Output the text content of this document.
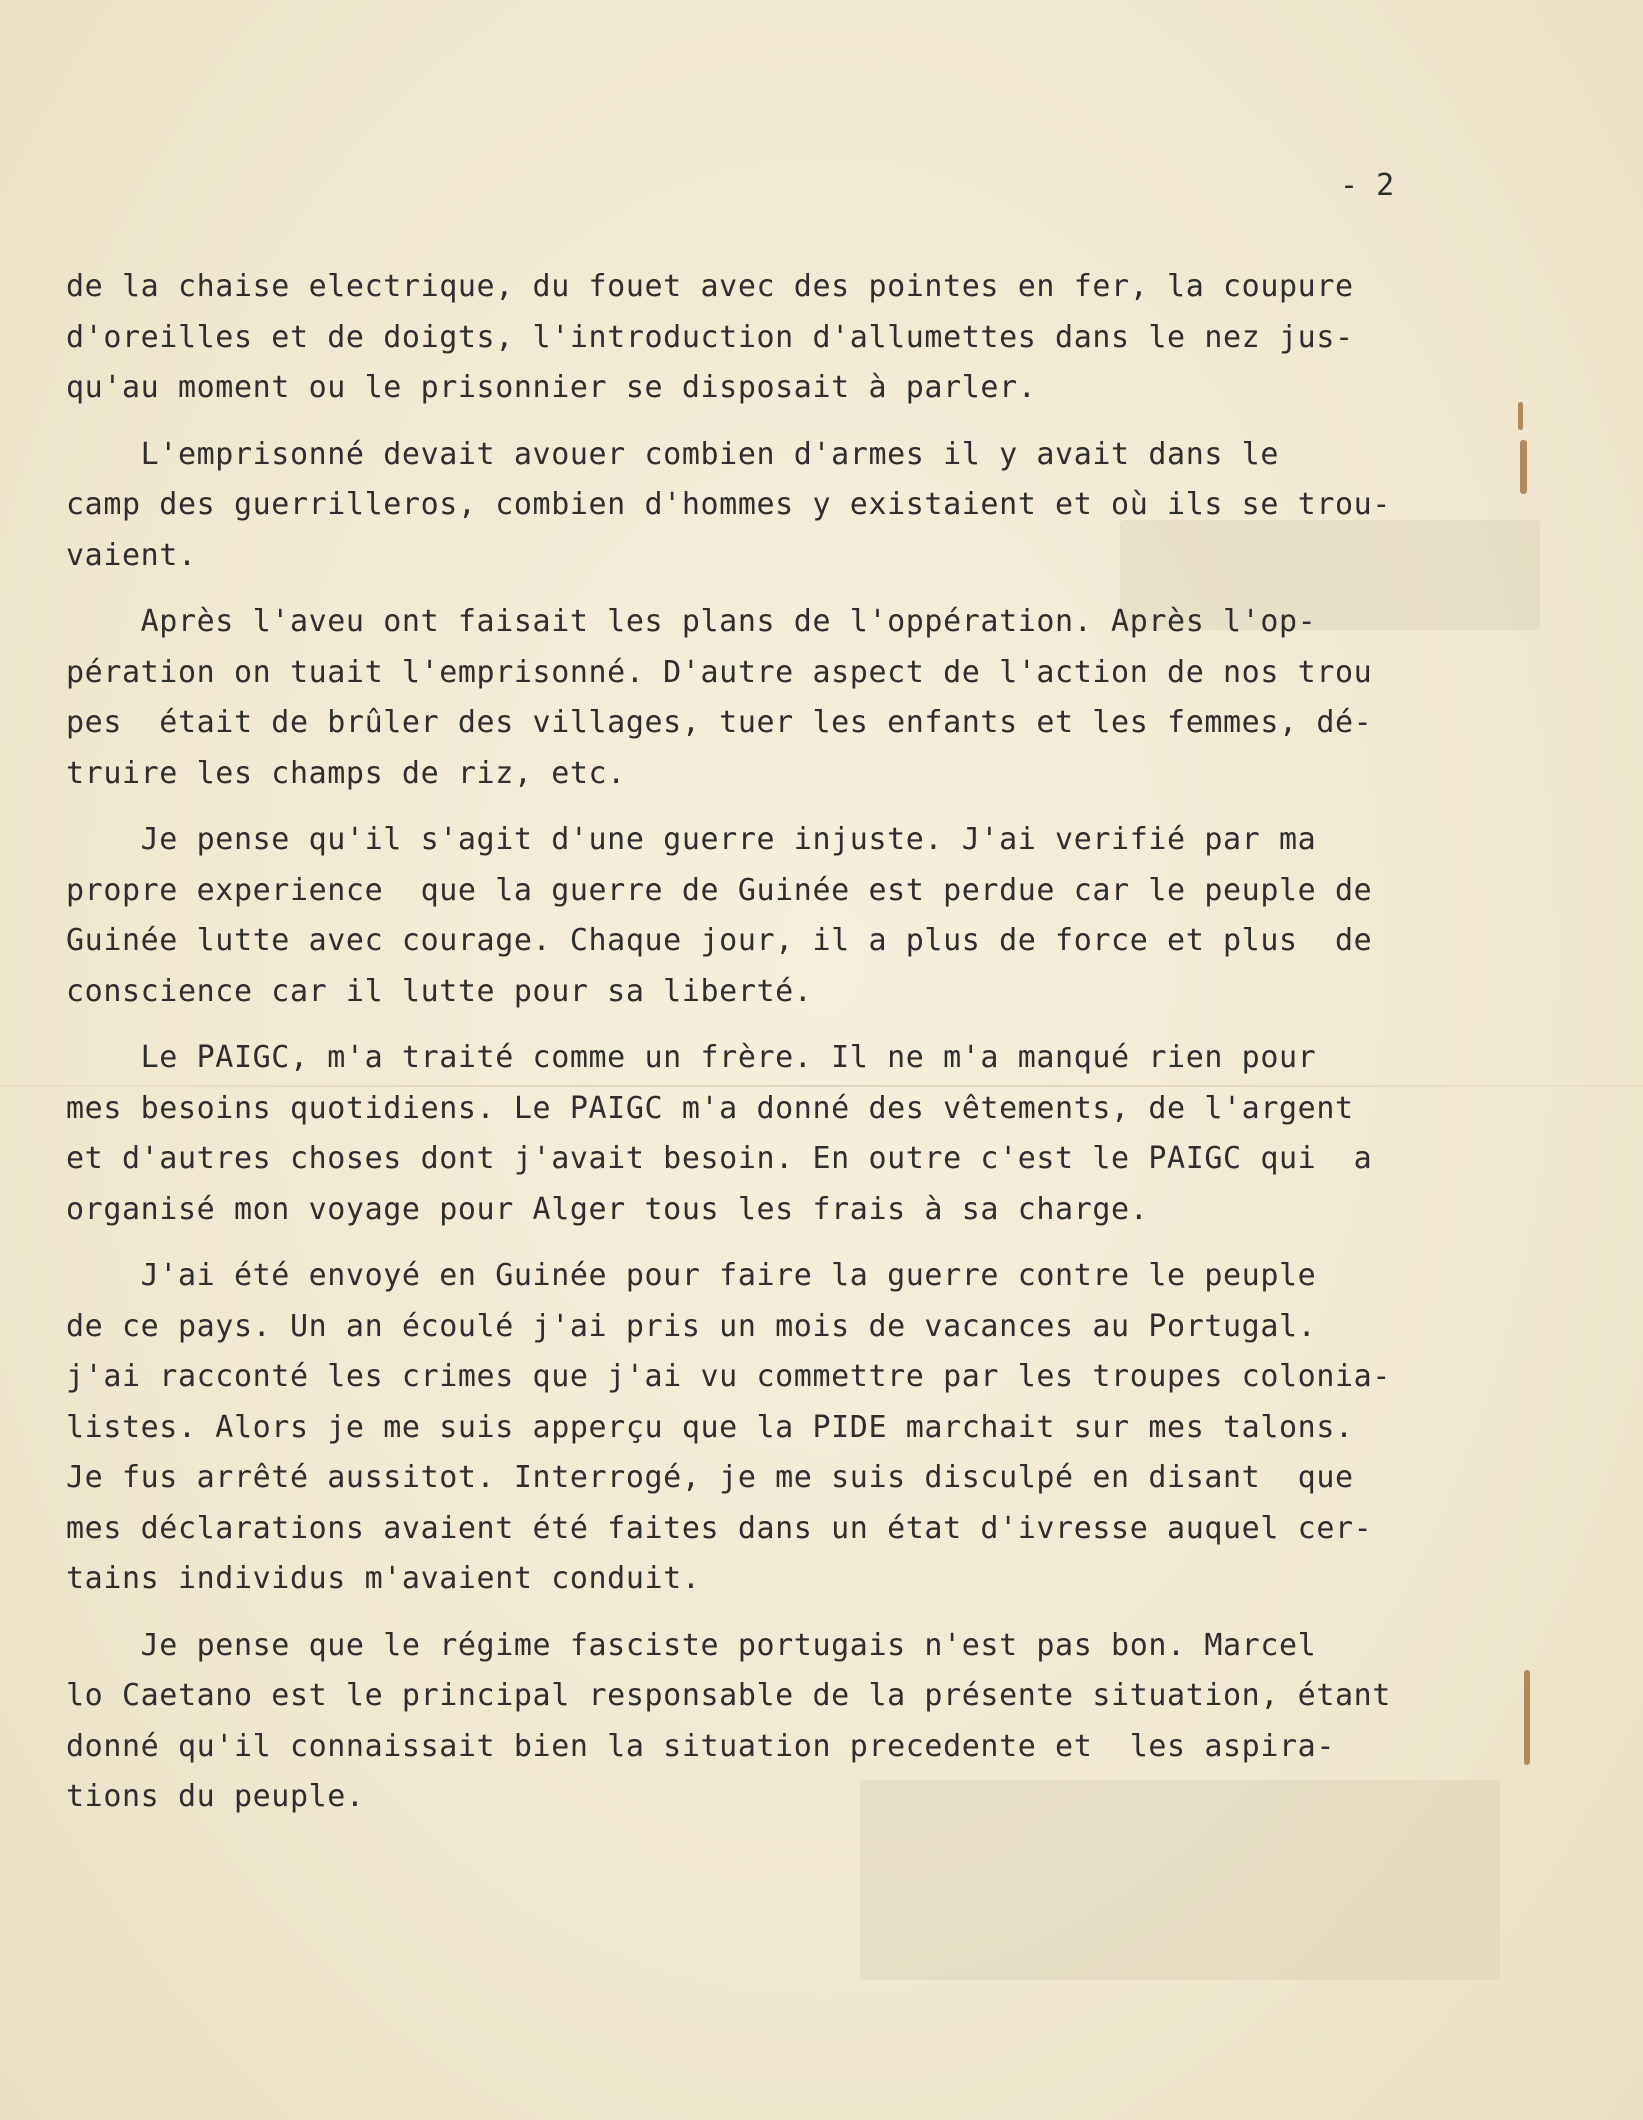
- 2
de la chaise electrique, du fouet avec des pointes en fer, la coupure
d'oreilles et de doigts, l'introduction d'allumettes dans le nez jus-
qu'au moment ou le prisonnier se disposait à parler.
L'emprisonné devait avouer combien d'armes il y avait dans le
camp des guerrilleros, combien d'hommes y existaient et où ils se trou-
vaient.
Après l'aveu ont faisait les plans de l'oppération. Après l'op-
pération on tuait l'emprisonné. D'autre aspect de l'action de nos trou
pes  était de brûler des villages, tuer les enfants et les femmes, dé-
truire les champs de riz, etc.
Je pense qu'il s'agit d'une guerre injuste. J'ai verifié par ma
propre experience  que la guerre de Guinée est perdue car le peuple de
Guinée lutte avec courage. Chaque jour, il a plus de force et plus  de
conscience car il lutte pour sa liberté.
Le PAIGC, m'a traité comme un frère. Il ne m'a manqué rien pour
mes besoins quotidiens. Le PAIGC m'a donné des vêtements, de l'argent
et d'autres choses dont j'avait besoin. En outre c'est le PAIGC qui  a
organisé mon voyage pour Alger tous les frais à sa charge.
J'ai été envoyé en Guinée pour faire la guerre contre le peuple
de ce pays. Un an écoulé j'ai pris un mois de vacances au Portugal.
j'ai racconté les crimes que j'ai vu commettre par les troupes colonia-
listes. Alors je me suis apperçu que la PIDE marchait sur mes talons.
Je fus arrêté aussitot. Interrogé, je me suis disculpé en disant  que
mes déclarations avaient été faites dans un état d'ivresse auquel cer-
tains individus m'avaient conduit.
Je pense que le régime fasciste portugais n'est pas bon. Marcel
lo Caetano est le principal responsable de la présente situation, étant
donné qu'il connaissait bien la situation precedente et  les aspira-
tions du peuple.
